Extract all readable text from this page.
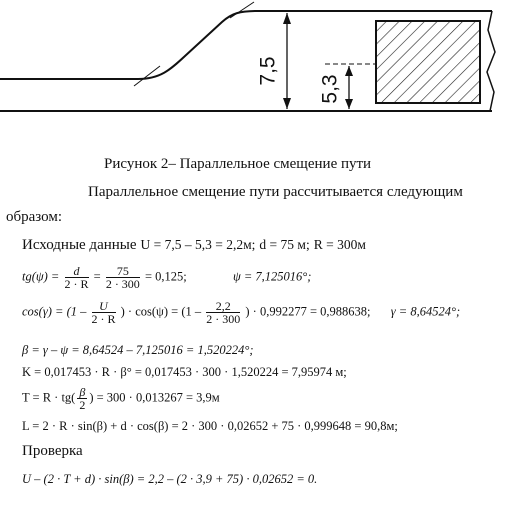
7,5
5,3
Рисунок 2– Параллельное смещение пути
Параллельное смещение пути рассчитывается следующим
образом:
Исходные данные U = 7,5 – 5,3 = 2,2м; d = 75 м; R = 300м
$tg(\psi) = \frac{d}{2 \cdot R} = \frac{75}{2 \cdot 300} = 0,125$;	ψ = 7,125016°;
$\cos(\gamma) = (1 - \frac{U}{2 \cdot R}$ ) · $\cos(\psi) = (1 - \frac{2,2}{2 \cdot 300}$ ) · 0,992277 = 0,988638; γ = 8,64524°;
β = γ – ψ = 8,64524 – 7,125016 = 1,520224°;
K = 0,017453 · R · β° = 0,017453 · 300 · 1,520224 = 7,95974 м;
$T = R \cdot tg( \frac{\beta}{2}$ ) = 300 · 0,013267 = 3,9м
L = 2 · R · sin(β) + d · cos(β) = 2 · 300 · 0,02652 + 75 · 0,999648 = 90,8м;
Проверка
U – (2 · T + d) · sin(β) = 2,2 – (2 · 3,9 + 75) · 0,02652 = 0.
